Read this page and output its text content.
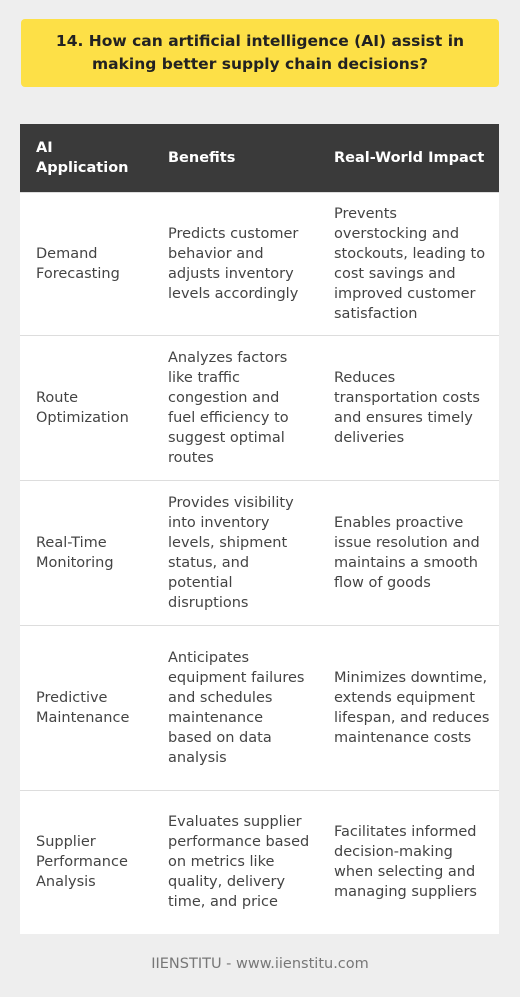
14. How can artificial intelligence (AI) assist in making better supply chain decisions?
AI Application	Benefits	Real-World Impact
Demand Forecasting	Predicts customer behavior and adjusts inventory levels accordingly	Prevents overstocking and stockouts, leading to cost savings and improved customer satisfaction
Route Optimization	Analyzes factors like traffic congestion and fuel efficiency to suggest optimal routes	Reduces transportation costs and ensures timely deliveries
Real-Time Monitoring	Provides visibility into inventory levels, shipment status, and potential disruptions	Enables proactive issue resolution and maintains a smooth flow of goods
Predictive Maintenance	Anticipates equipment failures and schedules maintenance based on data analysis	Minimizes downtime, extends equipment lifespan, and reduces maintenance costs
Supplier Performance Analysis	Evaluates supplier performance based on metrics like quality, delivery time, and price	Facilitates informed decision-making when selecting and managing suppliers
IIENSTITU - www.iienstitu.com
